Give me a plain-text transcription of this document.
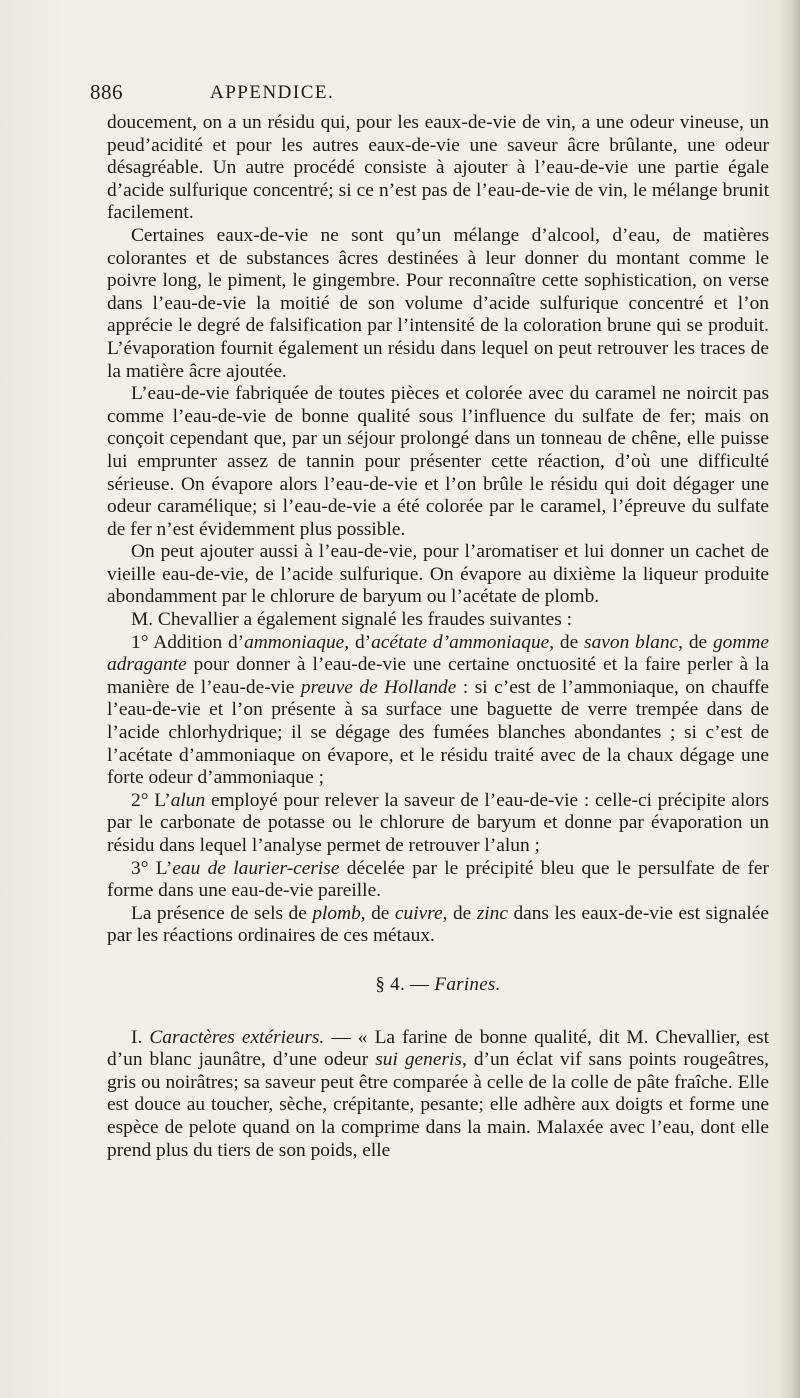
886	APPENDICE.

doucement, on a un résidu qui, pour les eaux-de-vie de vin, a une odeur vineuse, un peud’acidité et pour les autres eaux-de-vie une saveur âcre brûlante, une odeur désagréable. Un autre procédé consiste à ajouter à l’eau-de-vie une partie égale d’acide sulfurique concentré; si ce n’est pas de l’eau-de-vie de vin, le mélange brunit facilement.

Certaines eaux-de-vie ne sont qu’un mélange d’alcool, d’eau, de matières colorantes et de substances âcres destinées à leur donner du montant comme le poivre long, le piment, le gingembre. Pour reconnaître cette sophistication, on verse dans l’eau-de-vie la moitié de son volume d’acide sulfurique concentré et l’on apprécie le degré de falsification par l’intensité de la coloration brune qui se produit. L’évaporation fournit également un résidu dans lequel on peut retrouver les traces de la matière âcre ajoutée.

L’eau-de-vie fabriquée de toutes pièces et colorée avec du caramel ne noircit pas comme l’eau-de-vie de bonne qualité sous l’influence du sulfate de fer; mais on conçoit cependant que, par un séjour prolongé dans un tonneau de chêne, elle puisse lui emprunter assez de tannin pour présenter cette réaction, d’où une difficulté sérieuse. On évapore alors l’eau-de-vie et l’on brûle le résidu qui doit dégager une odeur caramélique; si l’eau-de-vie a été colorée par le caramel, l’épreuve du sulfate de fer n’est évidemment plus possible.

On peut ajouter aussi à l’eau-de-vie, pour l’aromatiser et lui donner un cachet de vieille eau-de-vie, de l’acide sulfurique. On évapore au dixième la liqueur produite abondamment par le chlorure de baryum ou l’acétate de plomb.

M. Chevallier a également signalé les fraudes suivantes :

1° Addition d’ammoniaque, d’acétate d’ammoniaque, de savon blanc, de gomme adragante pour donner à l’eau-de-vie une certaine onctuosité et la faire perler à la manière de l’eau-de-vie preuve de Hollande : si c’est de l’ammoniaque, on chauffe l’eau-de-vie et l’on présente à sa surface une baguette de verre trempée dans de l’acide chlorhydrique; il se dégage des fumées blanches abondantes ; si c’est de l’acétate d’ammoniaque on évapore, et le résidu traité avec de la chaux dégage une forte odeur d’ammoniaque ;

2° L’alun employé pour relever la saveur de l’eau-de-vie : celle-ci précipite alors par le carbonate de potasse ou le chlorure de baryum et donne par évaporation un résidu dans lequel l’analyse permet de retrouver l’alun ;

3° L’eau de laurier-cerise décelée par le précipité bleu que le persulfate de fer forme dans une eau-de-vie pareille.

La présence de sels de plomb, de cuivre, de zinc dans les eaux-de-vie est signalée par les réactions ordinaires de ces métaux.

§ 4. — Farines.

I. Caractères extérieurs. — « La farine de bonne qualité, dit M. Chevallier, est d’un blanc jaunâtre, d’une odeur sui generis, d’un éclat vif sans points rougeâtres, gris ou noirâtres; sa saveur peut être comparée à celle de la colle de pâte fraîche. Elle est douce au toucher, sèche, crépitante, pesante; elle adhère aux doigts et forme une espèce de pelote quand on la comprime dans la main. Malaxée avec l’eau, dont elle prend plus du tiers de son poids, elle
